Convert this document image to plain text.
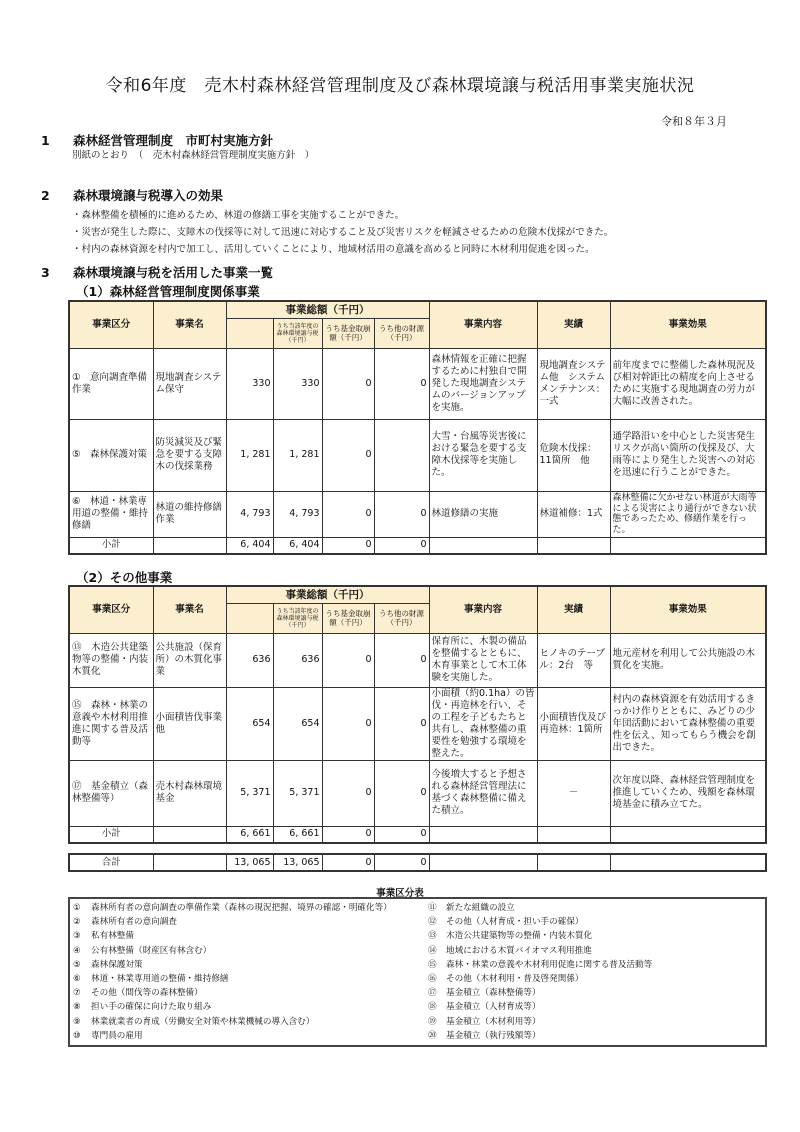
令和6年度　売木村森林経営管理制度及び森林環境譲与税活用事業実施状況
令和８年３月
1 森林経営管理制度　市町村実施方針
別紙のとおり　（　売木村森林経営管理制度実施方針　）
2 森林環境譲与税導入の効果
・森林整備を積極的に進めるため、林道の修繕工事を実施することができた。
・災害が発生した際に、支障木の伐採等に対して迅速に対応すること及び災害リスクを軽減させるための危険木伐採ができた。
・村内の森林資源を村内で加工し、活用していくことにより、地域材活用の意識を高めると同時に木材利用促進を図った。
3 森林環境譲与税を活用した事業一覧
（1）森林経営管理制度関係事業
事業区分	事業名	事業総額（千円）				事業内容	実績	事業効果
			うち当該年度の森林環境譲与税（千円）	うち基金取崩額（千円）	うち他の財源（千円）			
①　意向調査準備作業	現地調査システム保守	330	330	0	0	森林情報を正確に把握するために村独自で開発した現地調査システムのバージョンアップを実施。	現地調査システム他　システムメンテナンス：一式	前年度までに整備した森林現況及び相対幹距比の精度を向上させるために実施する現地調査の労力が大幅に改善された。
⑤　森林保護対策	防災減災及び緊急を要する支障木の伐採業務	1, 281	1, 281	0		大雪・台風等災害後における緊急を要する支障木伐採等を実施した。	危険木伐採：11箇所　他	通学路沿いを中心とした災害発生リスクが高い箇所の伐採及び、大雨等により発生した災害への対応を迅速に行うことができた。
⑥　林道・林業専用道の整備・維持修繕	林道の維持修繕作業	4, 793	4, 793	0	0	林道修繕の実施	林道補修：1式	森林整備に欠かせない林道が大雨等による災害により通行ができない状態であったため、修繕作業を行った。
小計		6, 404	6, 404	0	0			
（2）その他事業
事業区分	事業名	事業総額（千円）				事業内容	実績	事業効果
			うち当該年度の森林環境譲与税（千円）	うち基金取崩額（千円）	うち他の財源（千円）			
⑬　木造公共建築物等の整備・内装木質化	公共施設（保育所）の木質化事業	636	636	0	0	保育所に、木製の備品を整備するとともに、木育事業として木工体験を実施した。	ヒノキのテーブル：2台　等	地元産材を利用して公共施設の木質化を実施。
⑮　森林・林業の意義や木材利用推進に関する普及活動等	小面積皆伐事業他	654	654	0	0	小面積（約0.1ha）の皆伐・再造林を行い、その工程を子どもたちと共有し、森林整備の重要性を勉強する環境を整えた。	小面積皆伐及び再造林：1箇所	村内の森林資源を有効活用するきっかけ作りとともに、みどりの少年団活動において森林整備の重要性を伝え、知ってもらう機会を創出できた。
⑰　基金積立（森林整備等）	売木村森林環境基金	5, 371	5, 371	0	0	今後増大すると予想される森林経営管理法に基づく森林整備に備えた積立。	－	次年度以降、森林経営管理制度を推進していくため、残額を森林環境基金に積み立てた。
小計		6, 661	6, 661	0	0			
合計		13, 065	13, 065	0	0			
事業区分表
① 森林所有者の意向調査の準備作業（森林の現況把握、境界の確認・明確化等）
② 森林所有者の意向調査
③ 私有林整備
④ 公有林整備（財産区有林含む）
⑤ 森林保護対策
⑥ 林道・林業専用道の整備・維持修繕
⑦ その他（間伐等の森林整備）
⑧ 担い手の確保に向けた取り組み
⑨ 林業就業者の育成（労働安全対策や林業機械の導入含む）
⑩ 専門員の雇用
⑪ 新たな組織の設立
⑫ その他（人材育成・担い手の確保）
⑬ 木造公共建築物等の整備・内装木質化
⑭ 地域における木質バイオマス利用推進
⑮ 森林・林業の意義や木材利用促進に関する普及活動等
⑯ その他（木材利用・普及啓発関係）
⑰ 基金積立（森林整備等）
⑱ 基金積立（人材育成等）
⑲ 基金積立（木材利用等）
⑳ 基金積立（執行残額等）
